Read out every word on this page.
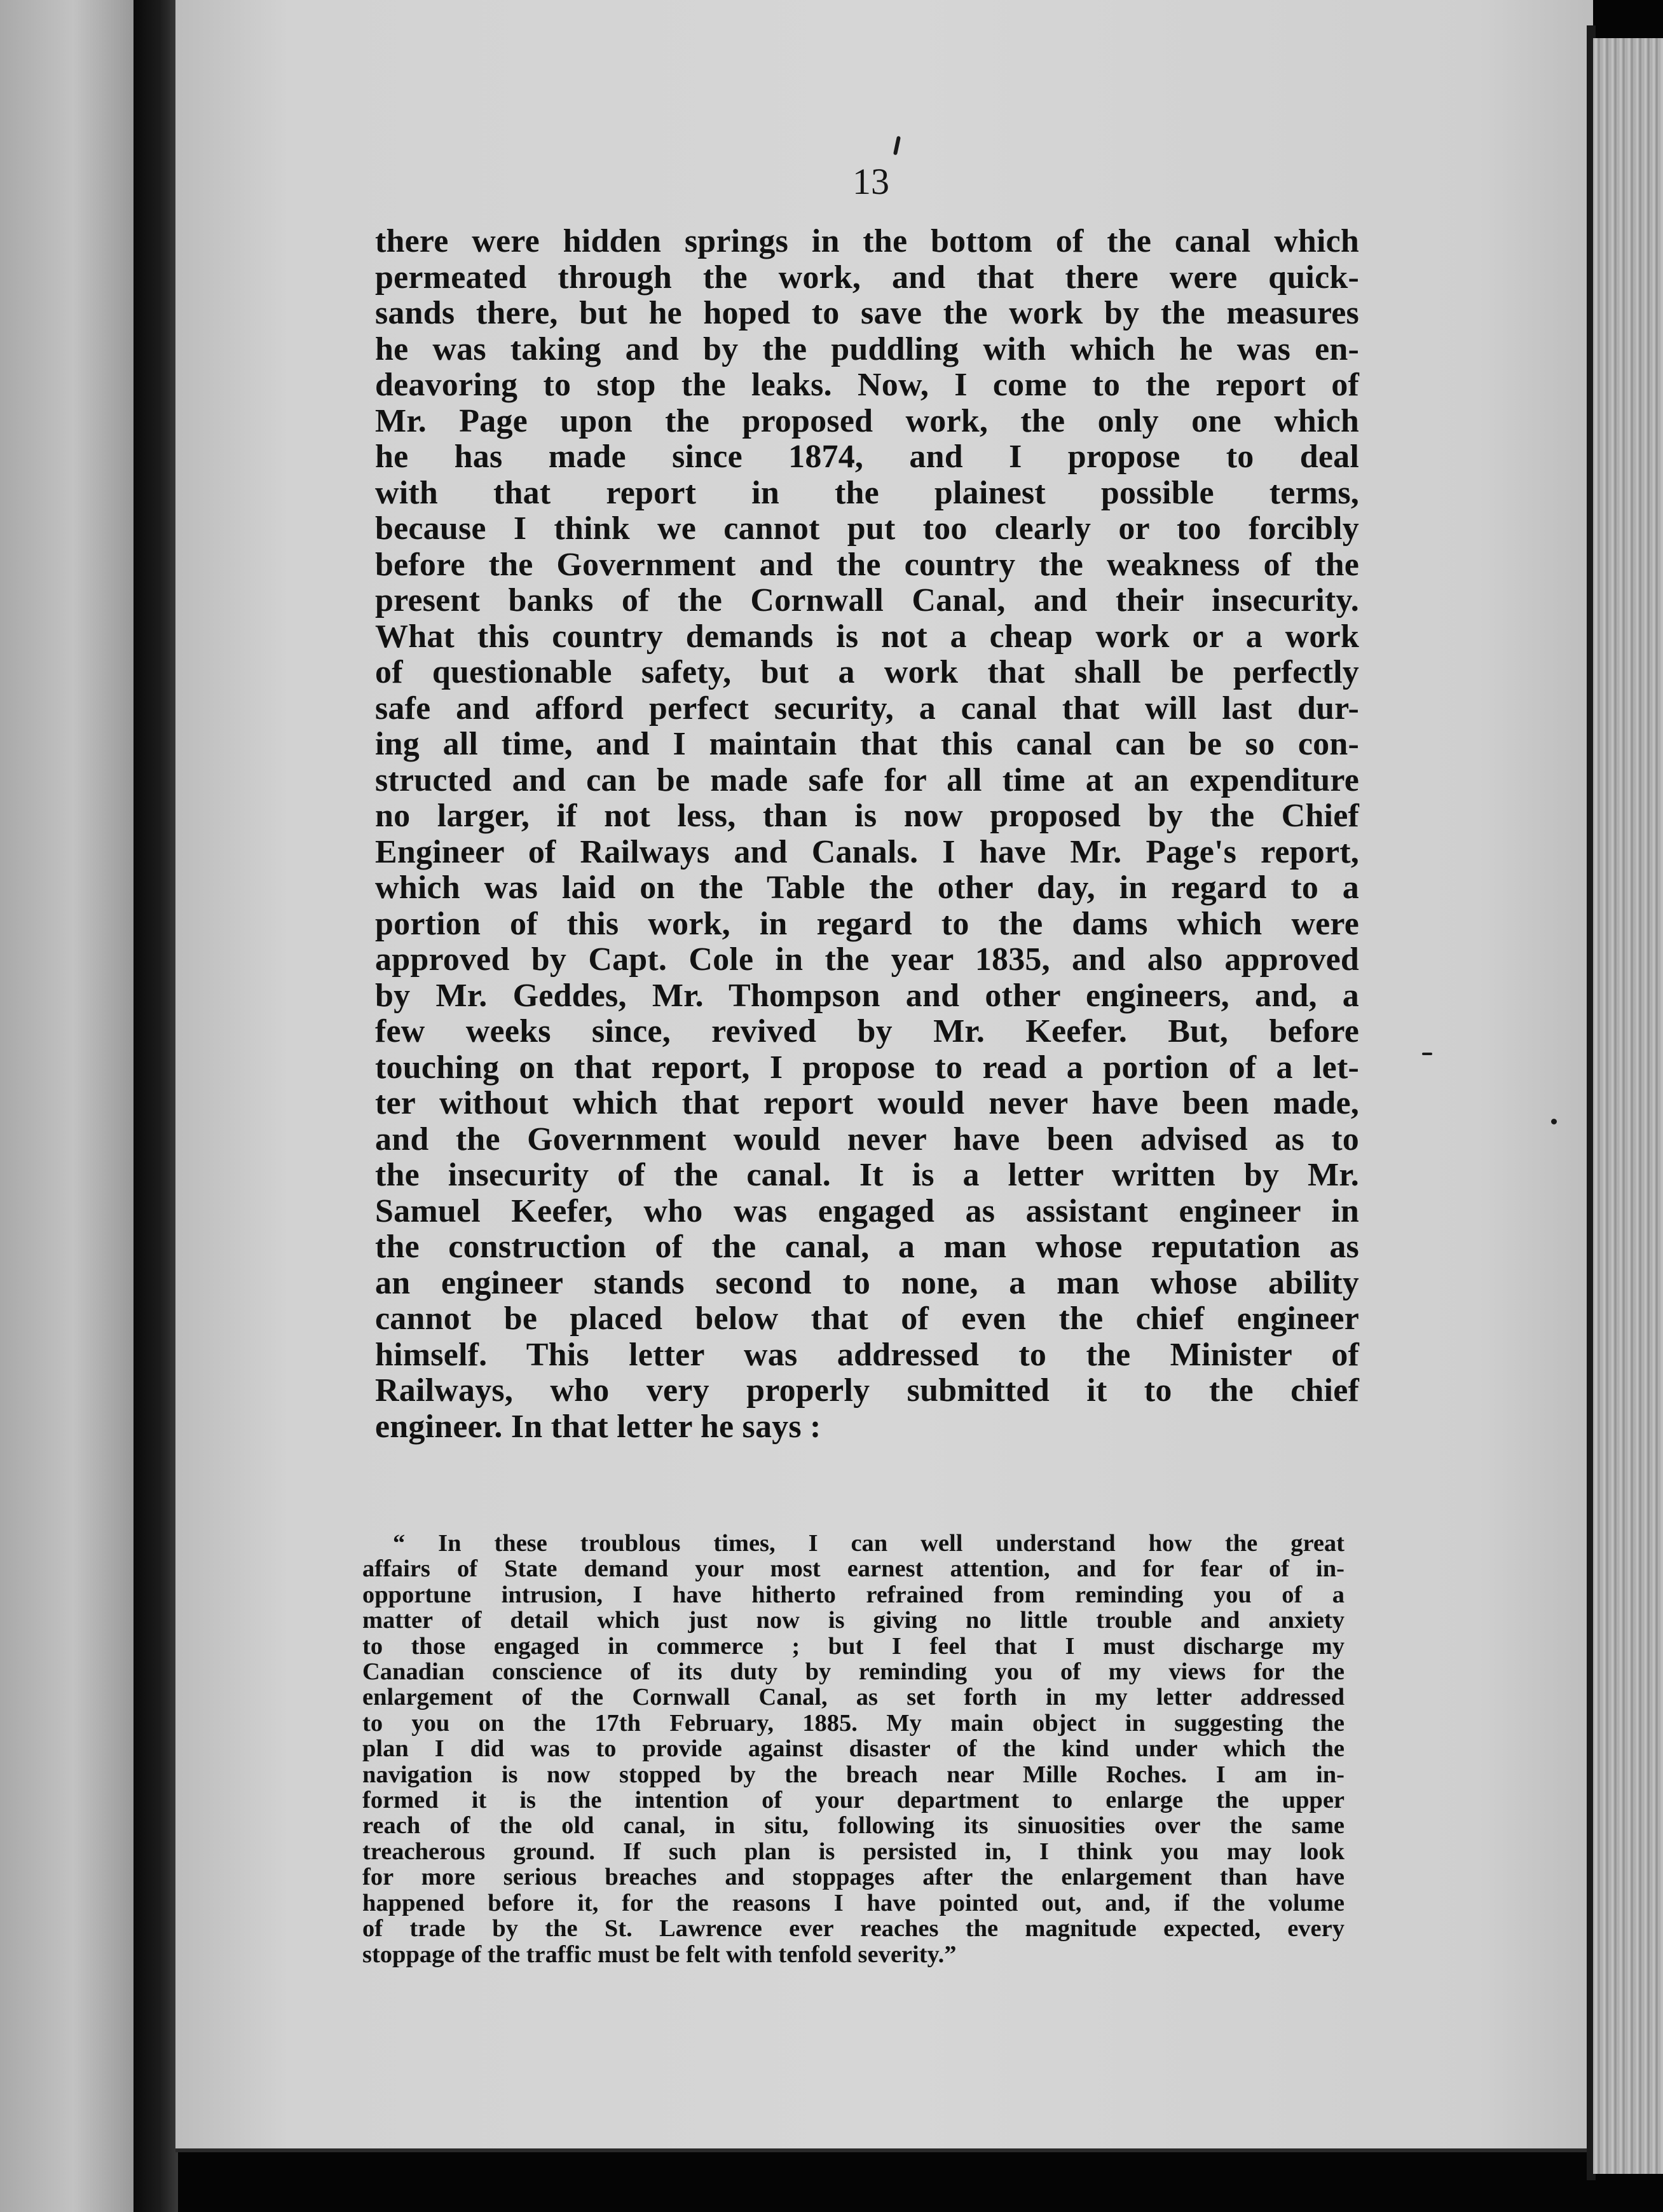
13
there were hidden springs in the bottom of the canal which
permeated through the work, and that there were quick-
sands there, but he hoped to save the work by the measures
he was taking and by the puddling with which he was en-
deavoring to stop the leaks. Now, I come to the report of
Mr. Page upon the proposed work, the only one which
he has made since 1874, and I propose to deal
with that report in the plainest possible terms,
because I think we cannot put too clearly or too forcibly
before the Government and the country the weakness of the
present banks of the Cornwall Canal, and their insecurity.
What this country demands is not a cheap work or a work
of questionable safety, but a work that shall be perfectly
safe and afford perfect security, a canal that will last dur-
ing all time, and I maintain that this canal can be so con-
structed and can be made safe for all time at an expenditure
no larger, if not less, than is now proposed by the Chief
Engineer of Railways and Canals. I have Mr. Page's report,
which was laid on the Table the other day, in regard to a
portion of this work, in regard to the dams which were
approved by Capt. Cole in the year 1835, and also approved
by Mr. Geddes, Mr. Thompson and other engineers, and, a
few weeks since, revived by Mr. Keefer. But, before
touching on that report, I propose to read a portion of a let-
ter without which that report would never have been made,
and the Government would never have been advised as to
the insecurity of the canal. It is a letter written by Mr.
Samuel Keefer, who was engaged as assistant engineer in
the construction of the canal, a man whose reputation as
an engineer stands second to none, a man whose ability
cannot be placed below that of even the chief engineer
himself. This letter was addressed to the Minister of
Railways, who very properly submitted it to the chief
engineer. In that letter he says :
“ In these troublous times, I can well understand how the great
affairs of State demand your most earnest attention, and for fear of in-
opportune intrusion, I have hitherto refrained from reminding you of a
matter of detail which just now is giving no little trouble and anxiety
to those engaged in commerce ; but I feel that I must discharge my
Canadian conscience of its duty by reminding you of my views for the
enlargement of the Cornwall Canal, as set forth in my letter addressed
to you on the 17th February, 1885. My main object in suggesting the
plan I did was to provide against disaster of the kind under which the
navigation is now stopped by the breach near Mille Roches. I am in-
formed it is the intention of your department to enlarge the upper
reach of the old canal, in situ, following its sinuosities over the same
treacherous ground. If such plan is persisted in, I think you may look
for more serious breaches and stoppages after the enlargement than have
happened before it, for the reasons I have pointed out, and, if the volume
of trade by the St. Lawrence ever reaches the magnitude expected, every
stoppage of the traffic must be felt with tenfold severity.”
